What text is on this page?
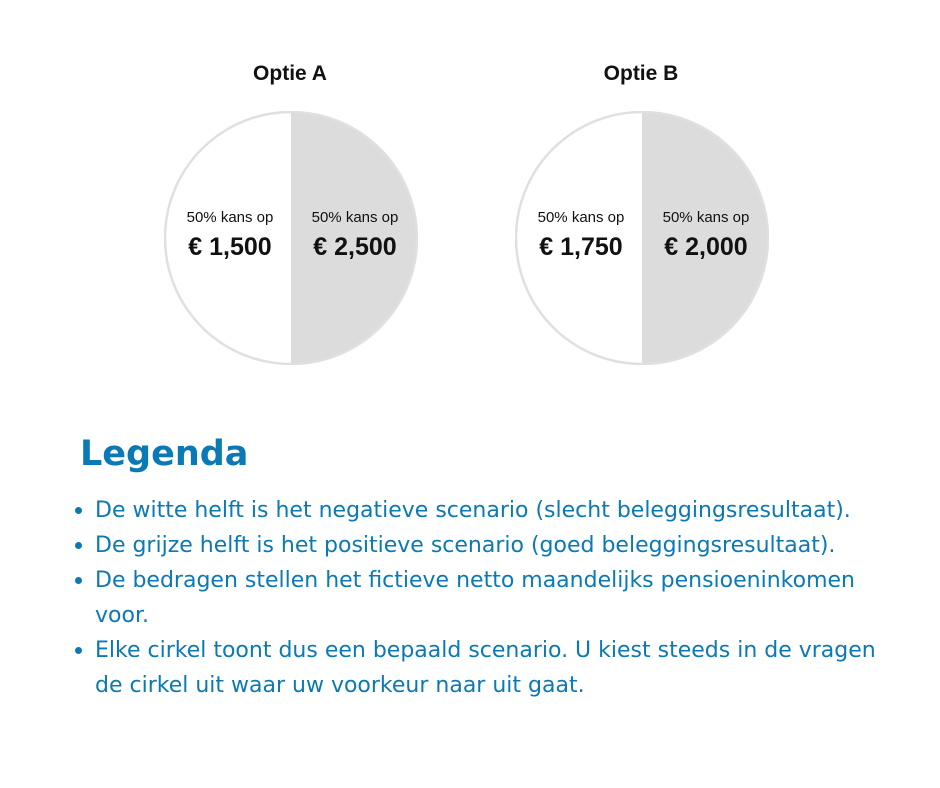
Optie A	Optie B
50% kans op
€ 1,500
50% kans op
€ 2,500
50% kans op
€ 1,750
50% kans op
€ 2,000
Legenda
De witte helft is het negatieve scenario (slecht beleggingsresultaat).
De grijze helft is het positieve scenario (goed beleggingsresultaat).
De bedragen stellen het fictieve netto maandelijks pensioeninkomen voor.
Elke cirkel toont dus een bepaald scenario. U kiest steeds in de vragen de cirkel uit waar uw voorkeur naar uit gaat.
